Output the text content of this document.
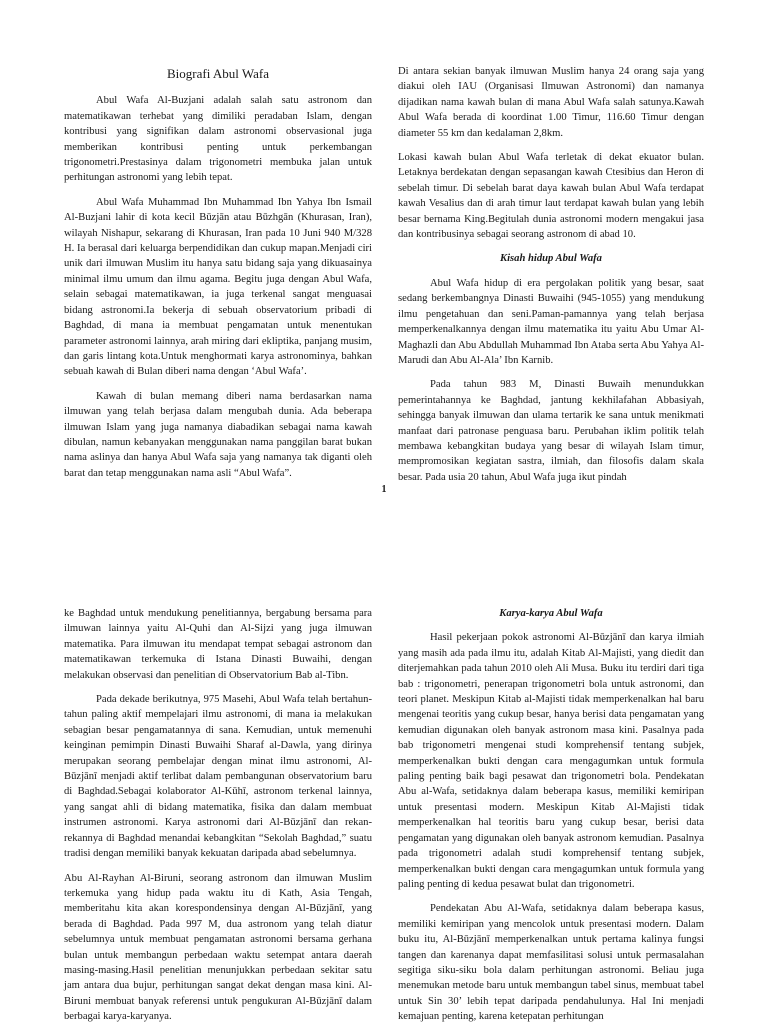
Biografi Abul Wafa

Abul Wafa Al-Buzjani adalah salah satu astronom dan matematikawan terhebat yang dimiliki peradaban Islam, dengan kontribusi yang signifikan dalam astronomi observasional juga memberikan kontribusi penting untuk perkembangan trigonometri.Prestasinya dalam trigonometri membuka jalan untuk perhitungan astronomi yang lebih tepat.

Abul Wafa Muhammad Ibn Muhammad Ibn Yahya Ibn Ismail Al-Buzjani lahir di kota kecil Būzjān atau Būzhgān (Khurasan, Iran), wilayah Nishapur, sekarang di Khurasan, Iran pada 10 Juni 940 M/328 H. Ia berasal dari keluarga berpendidikan dan cukup mapan.Menjadi ciri unik dari ilmuwan Muslim itu hanya satu bidang saja yang dikuasainya minimal ilmu umum dan ilmu agama. Begitu juga dengan Abul Wafa, selain sebagai matematikawan, ia juga terkenal sangat menguasai bidang astronomi.Ia bekerja di sebuah observatorium pribadi di Baghdad, di mana ia membuat pengamatan untuk menentukan parameter astronomi lainnya, arah miring dari ekliptika, panjang musim, dan garis lintang kota.Untuk menghormati karya astronominya, bahkan sebuah kawah di Bulan diberi nama dengan ‘Abul Wafa’.

Kawah di bulan memang diberi nama berdasarkan nama ilmuwan yang telah berjasa dalam mengubah dunia. Ada beberapa ilmuwan Islam yang juga namanya diabadikan sebagai nama kawah dibulan, namun kebanyakan menggunakan nama panggilan barat bukan nama aslinya dan hanya Abul Wafa saja yang namanya tak diganti oleh barat dan tetap menggunakan nama asli “Abul Wafa”.

Di antara sekian banyak ilmuwan Muslim hanya 24 orang saja yang diakui oleh IAU (Organisasi Ilmuwan Astronomi) dan namanya dijadikan nama kawah bulan di mana Abul Wafa salah satunya.Kawah Abul Wafa berada di koordinat 1.00 Timur, 116.60 Timur dengan diameter 55 km dan kedalaman 2,8km.

Lokasi kawah bulan Abul Wafa terletak di dekat ekuator bulan. Letaknya berdekatan dengan sepasangan kawah Ctesibius dan Heron di sebelah timur. Di sebelah barat daya kawah bulan Abul Wafa terdapat kawah Vesalius dan di arah timur laut terdapat kawah bulan yang lebih besar bernama King.Begitulah dunia astronomi modern mengakui jasa dan kontribusinya sebagai seorang astronom di abad 10.

Kisah hidup Abul Wafa

Abul Wafa hidup di era pergolakan politik yang besar, saat sedang berkembangnya Dinasti Buwaihi (945-1055) yang mendukung ilmu pengetahuan dan seni.Paman-pamannya yang telah berjasa memperkenalkannya dengan ilmu matematika itu yaitu Abu Umar Al- Maghazli dan Abu Abdullah Muhammad Ibn Ataba serta Abu Yahya Al-Marudi dan Abu Al-Ala’ Ibn Karnib.

Pada tahun 983 M, Dinasti Buwaih menundukkan pemerintahannya ke Baghdad, jantung kekhilafahan Abbasiyah, sehingga banyak ilmuwan dan ulama tertarik ke sana untuk menikmati manfaat dari patronase penguasa baru. Perubahan iklim politik telah membawa kebangkitan budaya yang besar di wilayah Islam timur, mempromosikan kegiatan sastra, ilmiah, dan filosofis dalam skala besar. Pada usia 20 tahun, Abul Wafa juga ikut pindah

1

ke Baghdad untuk mendukung penelitiannya, bergabung bersama para ilmuwan lainnya yaitu Al-Quhi dan Al-Sijzi yang juga ilmuwan matematika. Para ilmuwan itu mendapat tempat sebagai astronom dan matematikawan terkemuka di Istana Dinasti Buwaihi, dengan melakukan observasi dan penelitian di Observatorium Bab al-Tibn.

Pada dekade berikutnya, 975 Masehi, Abul Wafa telah bertahun-tahun paling aktif mempelajari ilmu astronomi, di mana ia melakukan sebagian besar pengamatannya di sana. Kemudian, untuk memenuhi keinginan pemimpin Dinasti Buwaihi Sharaf al-Dawla, yang dirinya merupakan seorang pembelajar dengan minat ilmu astronomi, Al-Būzjānī menjadi aktif terlibat dalam pembangunan observatorium baru di Baghdad.Sebagai kolaborator Al-Kūhī, astronom terkenal lainnya, yang sangat ahli di bidang matematika, fisika dan dalam membuat instrumen astronomi. Karya astronomi dari Al-Būzjānī dan rekan-rekannya di Baghdad menandai kebangkitan “Sekolah Baghdad,” suatu tradisi dengan memiliki banyak kekuatan daripada abad sebelumnya.

Abu Al-Rayhan Al-Biruni, seorang astronom dan ilmuwan Muslim terkemuka yang hidup pada waktu itu di Kath, Asia Tengah, memberitahu kita akan korespondensinya dengan Al-Būzjānī, yang berada di Baghdad. Pada 997 M, dua astronom yang telah diatur sebelumnya untuk membuat pengamatan astronomi bersama gerhana bulan untuk membangun perbedaan waktu setempat antara daerah masing-masing.Hasil penelitian menunjukkan perbedaan sekitar satu jam antara dua bujur, perhitungan sangat dekat dengan masa kini. Al-Biruni membuat banyak referensi untuk pengukuran Al-Būzjānī dalam berbagai karya-karyanya.

Karya-karya Abul Wafa

Hasil pekerjaan pokok astronomi Al-Būzjānī dan karya ilmiah yang masih ada pada ilmu itu, adalah Kitab Al-Majisti, yang diedit dan diterjemahkan pada tahun 2010 oleh Ali Musa. Buku itu terdiri dari tiga bab : trigonometri, penerapan trigonometri bola untuk astronomi, dan teori planet. Meskipun Kitab al-Majisti tidak memperkenalkan hal baru mengenai teoritis yang cukup besar, hanya berisi data pengamatan yang kemudian digunakan oleh banyak astronom masa kini. Pasalnya pada bab trigonometri mengenai studi komprehensif tentang subjek, memperkenalkan bukti dengan cara mengagumkan untuk formula paling penting baik bagi pesawat dan trigonometri bola. Pendekatan Abu al-Wafa, setidaknya dalam beberapa kasus, memiliki kemiripan untuk presentasi modern. Meskipun Kitab Al-Majisti tidak memperkenalkan hal teoritis baru yang cukup besar, berisi data pengamatan yang digunakan oleh banyak astronom kemudian. Pasalnya pada trigonometri adalah studi komprehensif tentang subjek, memperkenalkan bukti dengan cara mengagumkan untuk formula yang paling penting di kedua pesawat bulat dan trigonometri.

Pendekatan Abu Al-Wafa, setidaknya dalam beberapa kasus, memiliki kemiripan yang mencolok untuk presentasi modern. Dalam buku itu, Al-Būzjānī memperkenalkan untuk pertama kalinya fungsi tangen dan karenanya dapat memfasilitasi solusi untuk permasalahan segitiga siku-siku bola dalam perhitungan astronomi. Beliau juga menemukan metode baru untuk membangun tabel sinus, membuat tabel untuk Sin 30’ lebih tepat daripada pendahulunya. Hal Ini menjadi kemajuan penting, karena ketepatan perhitungan
